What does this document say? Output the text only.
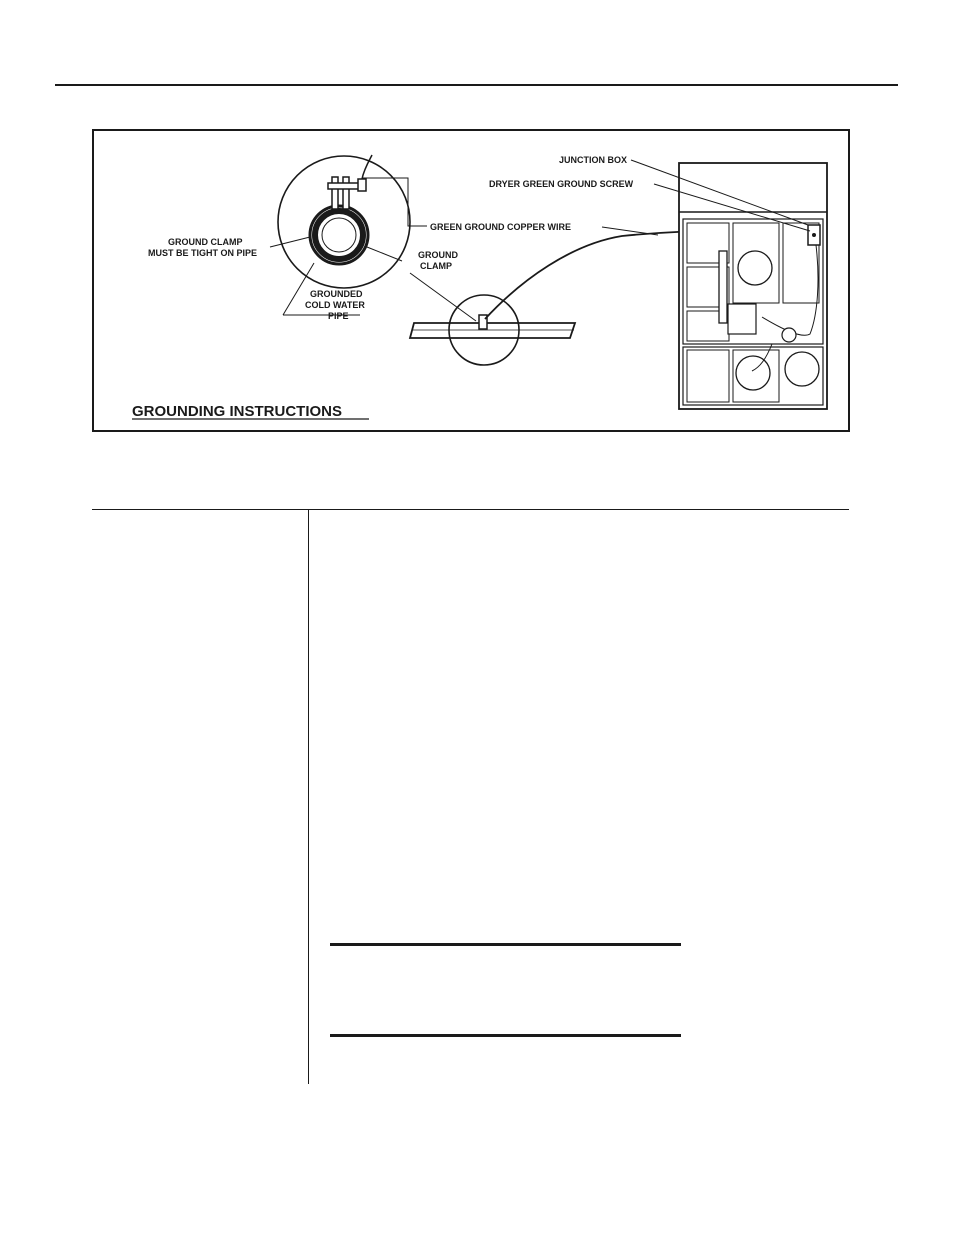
JUNCTION BOX
DRYER GREEN GROUND SCREW
GREEN GROUND COPPER WIRE
GROUND CLAMP
MUST BE TIGHT ON PIPE	GROUND
CLAMP
GROUNDED
COLD WATER
PIPE
GROUNDING INSTRUCTIONS
